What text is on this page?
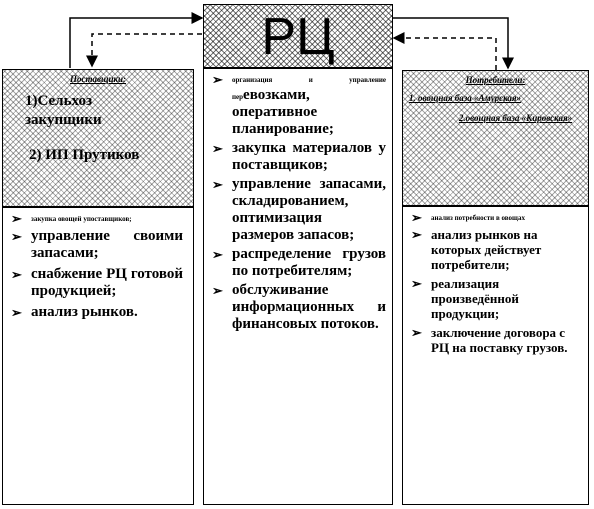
РЦ
➢ организация и управление
перевозками, оперативное планирование;
➢ закупка материалов у поставщиков;
➢ управление запасами, складированием, оптимизация размеров запасов;
➢ распределение грузов по потребителям;
➢ обслуживание информационных и финансовых потоков.
Поставщики:
1)Сельхоз закупщики
2) ИП Прутиков
➢ закупка овощей упоставщиков;
➢ управление своими запасами;
➢ снабжение РЦ готовой продукцией;
➢ анализ рынков.
Потребители:
1. овощная база «Амурская»
2.овощная база «Кировская»
➢ анализ потребности в овощах
➢ анализ рынков на которых действует потребители;
➢ реализация произведённой продукции;
➢ заключение договора с РЦ на поставку грузов.
